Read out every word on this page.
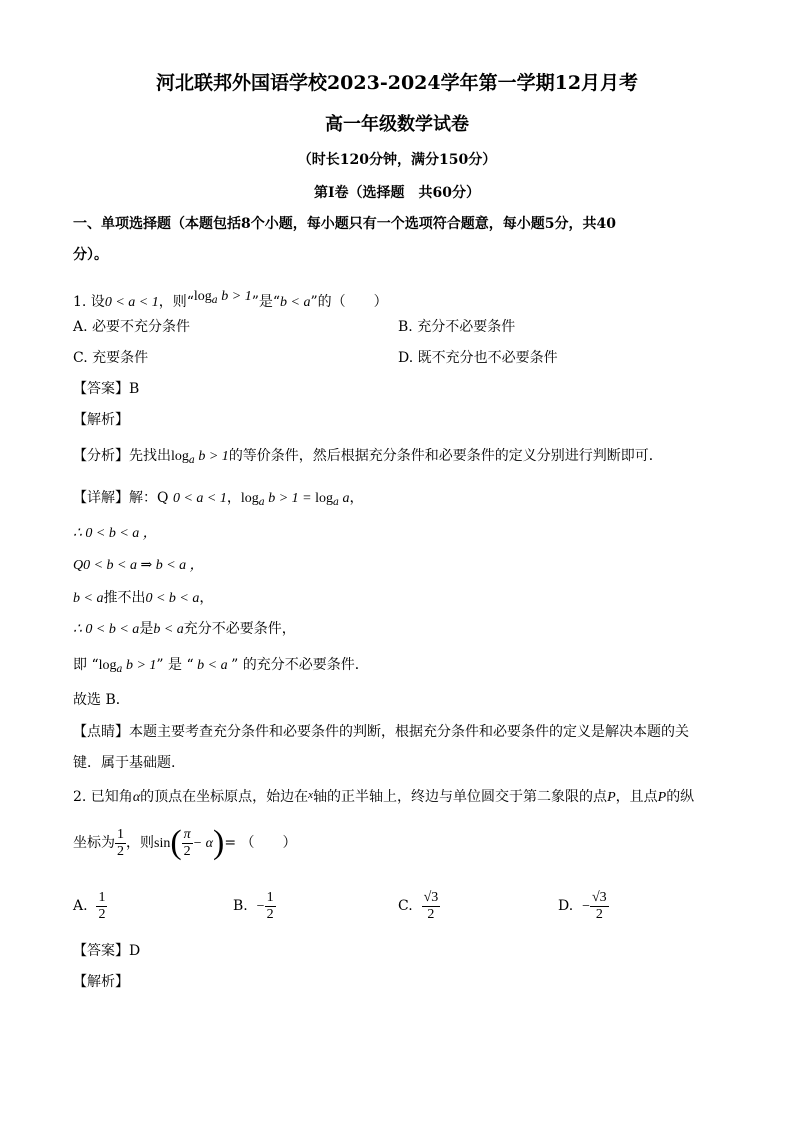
河北联邦外国语学校2023-2024学年第一学期12月月考
高一年级数学试卷
（时长120分钟，满分150分）
第I卷（选择题　共60分）
一、单项选择题（本题包括8个小题，每小题只有一个选项符合题意，每小题5分，共40
分）。
1. 设0 < a < 1，则“$\log_a$ b > 1”是“b < a”的（　　）
A. 必要不充分条件	B. 充分不必要条件
C. 充要条件	D. 既不充分也不必要条件
【答案】B
【解析】
【分析】先找出$\log_a b > 1$的等价条件，然后根据充分条件和必要条件的定义分别进行判断即可．
【详解】解：Q 0 < a < 1，$\log_a b > 1 = \log_a a$，
∴ 0 < b < a ，
Q0 < b < a ⇒ b < a ，
b < a推不出0 < b < a，
∴ 0 < b < a是b < a充分不必要条件，
即 “$\log_a$ b > 1” 是 “ b < a ” 的充分不必要条件．
故选 B．
【点睛】本题主要考查充分条件和必要条件的判断，根据充分条件和必要条件的定义是解决本题的关
键．属于基础题.
2. 已知角α的顶点在坐标原点，始边在$^x$轴的正半轴上，终边与单位圆交于第二象限的点P，且点P的纵
坐标为 $\frac{1}{2}$ ，则$\sin( \frac{\pi}{2} - \alpha)=$ （　　）
A. $\frac{1}{2}$	B. − $\frac{1}{2}$	C. $\frac{√3}{2}$	D. − $\frac{√3}{2}$
【答案】D
【解析】
